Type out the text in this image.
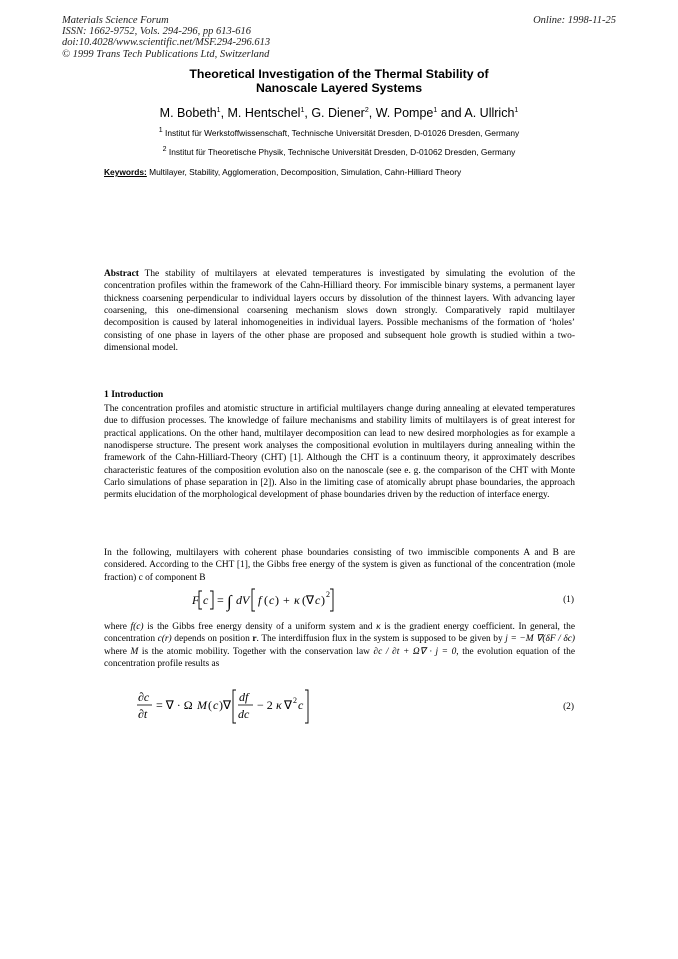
Materials Science Forum
ISSN: 1662-9752, Vols. 294-296, pp 613-616
doi:10.4028/www.scientific.net/MSF.294-296.613
© 1999 Trans Tech Publications Ltd, Switzerland
Online: 1998-11-25
Theoretical Investigation of the Thermal Stability of
Nanoscale Layered Systems
M. Bobeth$^1$, M. Hentschel$^1$, G. Diener$^2$, W. Pompe$^1$ and A. Ullrich$^1$
$^1$ Institut für Werkstoffwissenschaft, Technische Universität Dresden, D-01026 Dresden, Germany
$^2$ Institut für Theoretische Physik, Technische Universität Dresden, D-01062 Dresden, Germany
Keywords: Multilayer, Stability, Agglomeration, Decomposition, Simulation, Cahn-Hilliard Theory
Abstract The stability of multilayers at elevated temperatures is investigated by simulating the evolution of the concentration profiles within the framework of the Cahn-Hilliard theory. For immiscible binary systems, a permanent layer thickness coarsening perpendicular to individual layers occurs by dissolution of the thinnest layers. With advancing layer coarsening, this one-dimensional coarsening mechanism slows down strongly. Comparatively rapid multilayer decomposition is caused by lateral inhomogeneities in individual layers. Possible mechanisms of the formation of ‘holes’ consisting of one phase in layers of the other phase are proposed and subsequent hole growth is studied within a two-dimensional model.
1 Introduction
The concentration profiles and atomistic structure in artificial multilayers change during annealing at elevated temperatures due to diffusion processes. The knowledge of failure mechanisms and stability limits of multilayers is of great interest for practical applications. On the other hand, multilayer decomposition can lead to new desired morphologies as for example a nanodisperse structure. The present work analyses the compositional evolution in multilayers during annealing within the framework of the Cahn-Hilliard-Theory (CHT) [1]. Although the CHT is a continuum theory, it approximately describes characteristic features of the composition evolution also on the nanoscale (see e. g. the comparison of the CHT with Monte Carlo simulations of phase separation in [2]). Also in the limiting case of atomically abrupt phase boundaries, the approach permits elucidation of the morphological development of phase boundaries driven by the reduction of interface energy.
In the following, multilayers with coherent phase boundaries consisting of two immiscible components A and B are considered. According to the CHT [1], the Gibbs free energy of the system is given as functional of the concentration (mole fraction) c of component B
F c = ∫ dV f ( c ) + κ (∇ c ) 2
(1)
where f(c) is the Gibbs free energy density of a uniform system and κ is the gradient energy coefficient. In general, the concentration c(r) depends on position r. The interdiffusion flux in the system is supposed to be given by j = −M ∇(δF / δc) where M is the atomic mobility. Together with the conservation law ∂c / ∂t + Ω∇ · j = 0, the evolution equation of the concentration profile results as
∂c
∂t
= ∇ · Ω M ( c )∇
df
dc
− 2 κ ∇ 2 c	(2)
